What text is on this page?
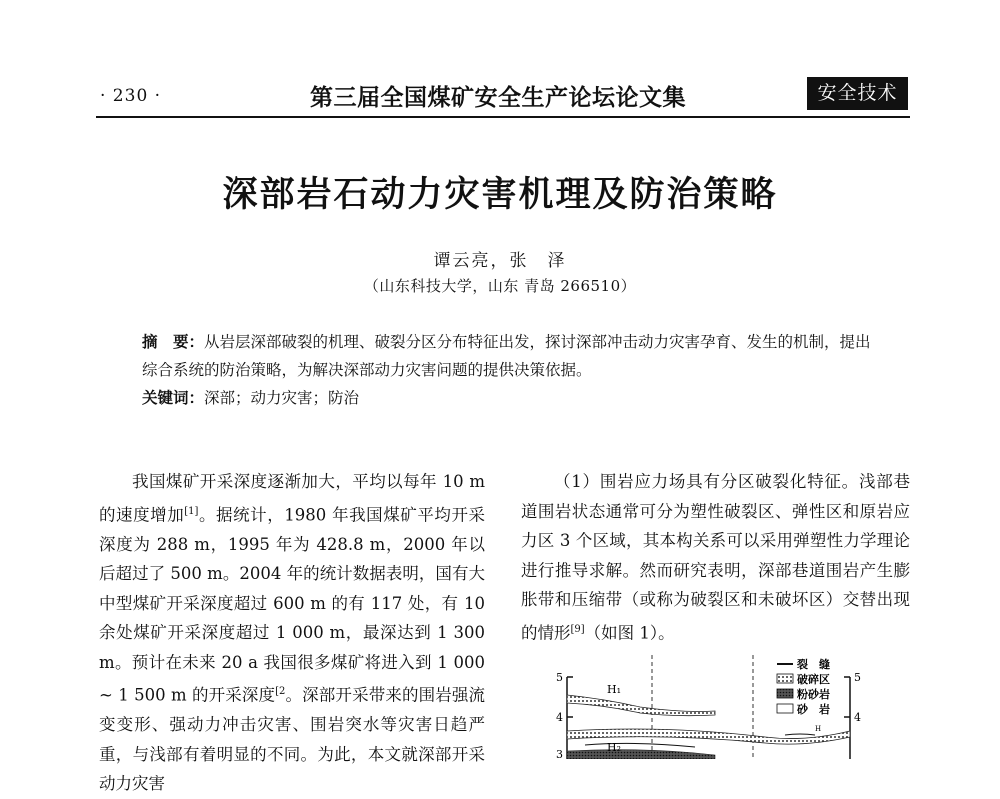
· 230 ·	第三届全国煤矿安全生产论坛论文集	安全技术
深部岩石动力灾害机理及防治策略
谭云亮，张　泽
（山东科技大学，山东 青岛 266510）
摘　要：从岩层深部破裂的机理、破裂分区分布特征出发，探讨深部冲击动力灾害孕育、发生的机制，提出综合系统的防治策略，为解决深部动力灾害问题的提供决策依据。
关键词：深部；动力灾害；防治

我国煤矿开采深度逐渐加大，平均以每年 10 m 的速度增加[1]。据统计，1980 年我国煤矿平均开采深度为 288 m，1995 年为 428.8 m，2000 年以后超过了 500 m。2004 年的统计数据表明，国有大中型煤矿开采深度超过 600 m 的有 117 处，有 10 余处煤矿开采深度超过 1 000 m，最深达到 1 300 m。预计在未来 20 a 我国很多煤矿将进入到 1 000 ~ 1 500 m 的开采深度$^{[2}$。深部开采带来的围岩强流变变形、强动力冲击灾害、围岩突水等灾害日趋严重，与浅部有着明显的不同。为此，本文就深部开采动力灾害

（1）围岩应力场具有分区破裂化特征。浅部巷道围岩状态通常可分为塑性破裂区、弹性区和原岩应力区 3 个区域，其本构关系可以采用弹塑性力学理论进行推导求解。然而研究表明，深部巷道围岩产生膨胀带和压缩带（或称为破裂区和未破坏区）交替出现的情形[9]（如图 1）。

5
4
3
5
4
H₁
H₂
H
裂　缝
破碎区
粉砂岩
砂　岩
